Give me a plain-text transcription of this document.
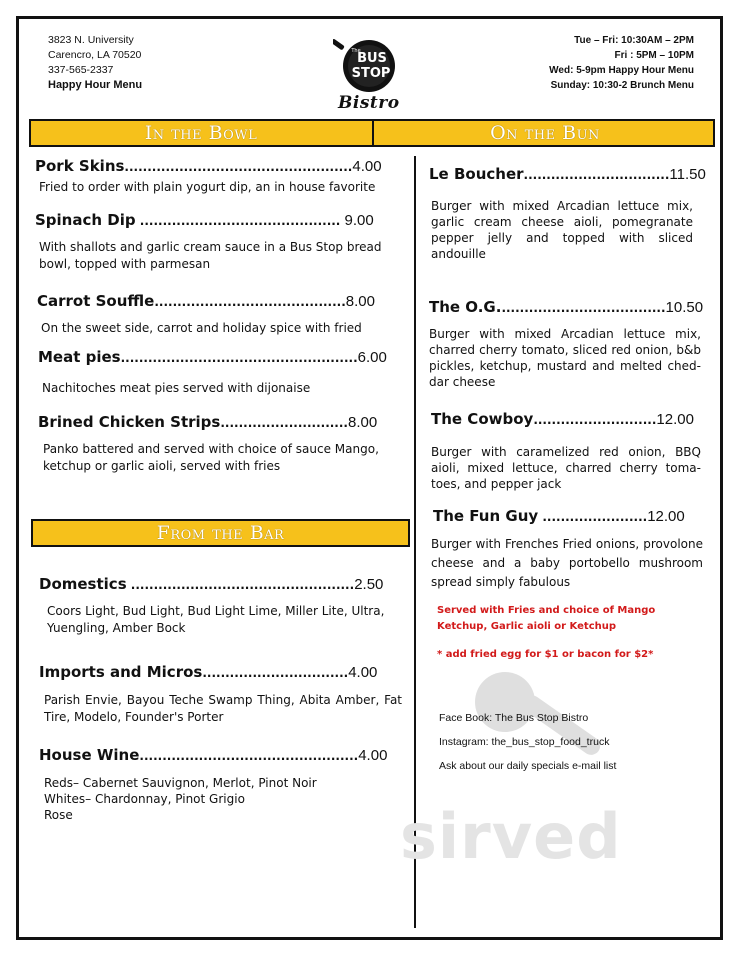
3823 N. University
Carencro, LA 70520
337-565-2337
Happy Hour Menu
Tue – Fri: 10:30AM – 2PM
Fri : 5PM – 10PM
Wed: 5-9pm Happy Hour Menu
Sunday: 10:30-2 Brunch Menu
BUS
STOP
The
Bistro
In the Bowl	On the Bun
Pork Skins..................................................4.00
Fried to order with plain yogurt dip, an in house favorite
Spinach Dip ............................................ 9.00
With shallots and garlic cream sauce in a Bus Stop bread bowl, topped with parmesan
Carrot Souffle..........................................8.00
On the sweet side, carrot and holiday spice with fried
Meat pies....................................................6.00
Nachitoches meat pies served with dijonaise
Brined Chicken Strips............................8.00
Panko battered and served with choice of sauce Mango, ketchup or garlic aioli, served with fries
From the Bar
Domestics .................................................2.50
Coors Light, Bud Light, Bud Light Lime, Miller Lite, Ultra, Yuengling, Amber Bock
Imports and Micros................................4.00
Parish Envie, Bayou Teche Swamp Thing, Abita Amber, Fat Tire, Modelo, Founder's Porter
House Wine................................................4.00
Reds– Cabernet Sauvignon, Merlot, Pinot Noir
Whites– Chardonnay, Pinot Grigio
Rose
Le Boucher................................11.50
Burger with mixed Arcadian lettuce mix, garlic cream cheese aioli, pomegranate pepper jelly and topped with sliced andouille
The O.G.....................................10.50
Burger with mixed Arcadian lettuce mix, charred cherry tomato, sliced red onion, b&b pickles, ketchup, mustard and melted ched-dar cheese
The Cowboy...........................12.00
Burger with caramelized red onion, BBQ aioli, mixed lettuce, charred cherry toma-toes, and pepper jack
The Fun Guy .......................12.00
Burger with Frenches Fried onions, provolone cheese and a baby portobello mushroom spread simply fabulous
Served with Fries and choice of Mango Ketchup, Garlic aioli or Ketchup
* add fried egg for $1 or bacon for $2*
sirved
Face Book: The Bus Stop Bistro
Instagram: the_bus_stop_food_truck
Ask about our daily specials e-mail list
